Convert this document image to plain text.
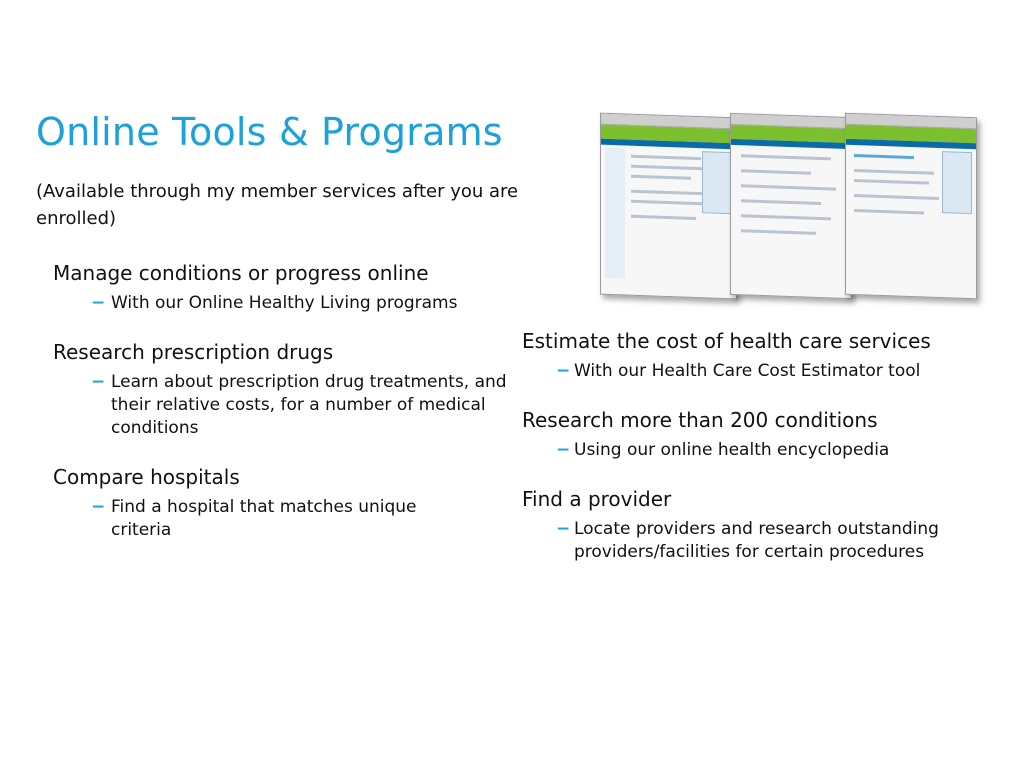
Online Tools & Programs
(Available through my member services after you are enrolled)
Manage conditions or progress online
− With our Online Healthy Living programs
Research prescription drugs
− Learn about prescription drug treatments, and their relative costs, for a number of medical conditions
Compare hospitals
− Find a hospital that matches unique criteria
Estimate the cost of health care services
− With our Health Care Cost Estimator tool
Research more than 200 conditions
− Using our online health encyclopedia
Find a provider
− Locate providers and research outstanding providers/facilities for certain procedures
